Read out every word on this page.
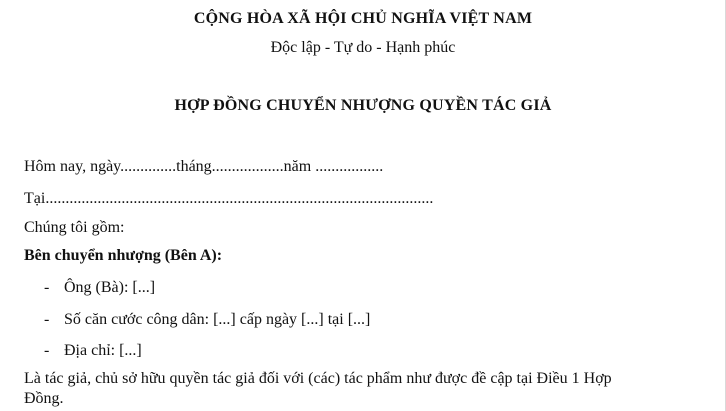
CỘNG HÒA XÃ HỘI CHỦ NGHĨA VIỆT NAM
Độc lập - Tự do - Hạnh phúc
HỢP ĐỒNG CHUYỂN NHƯỢNG QUYỀN TÁC GIẢ
Hôm nay, ngày..............tháng..................năm .................
Tại.................................................................................................
Chúng tôi gồm:
Bên chuyển nhượng (Bên A):
- Ông (Bà): [...]
- Số căn cước công dân: [...] cấp ngày [...] tại [...]
- Địa chỉ: [...]
Là tác giả, chủ sở hữu quyền tác giả đối với (các) tác phẩm như được đề cập tại Điều 1 Hợp
Đồng.
